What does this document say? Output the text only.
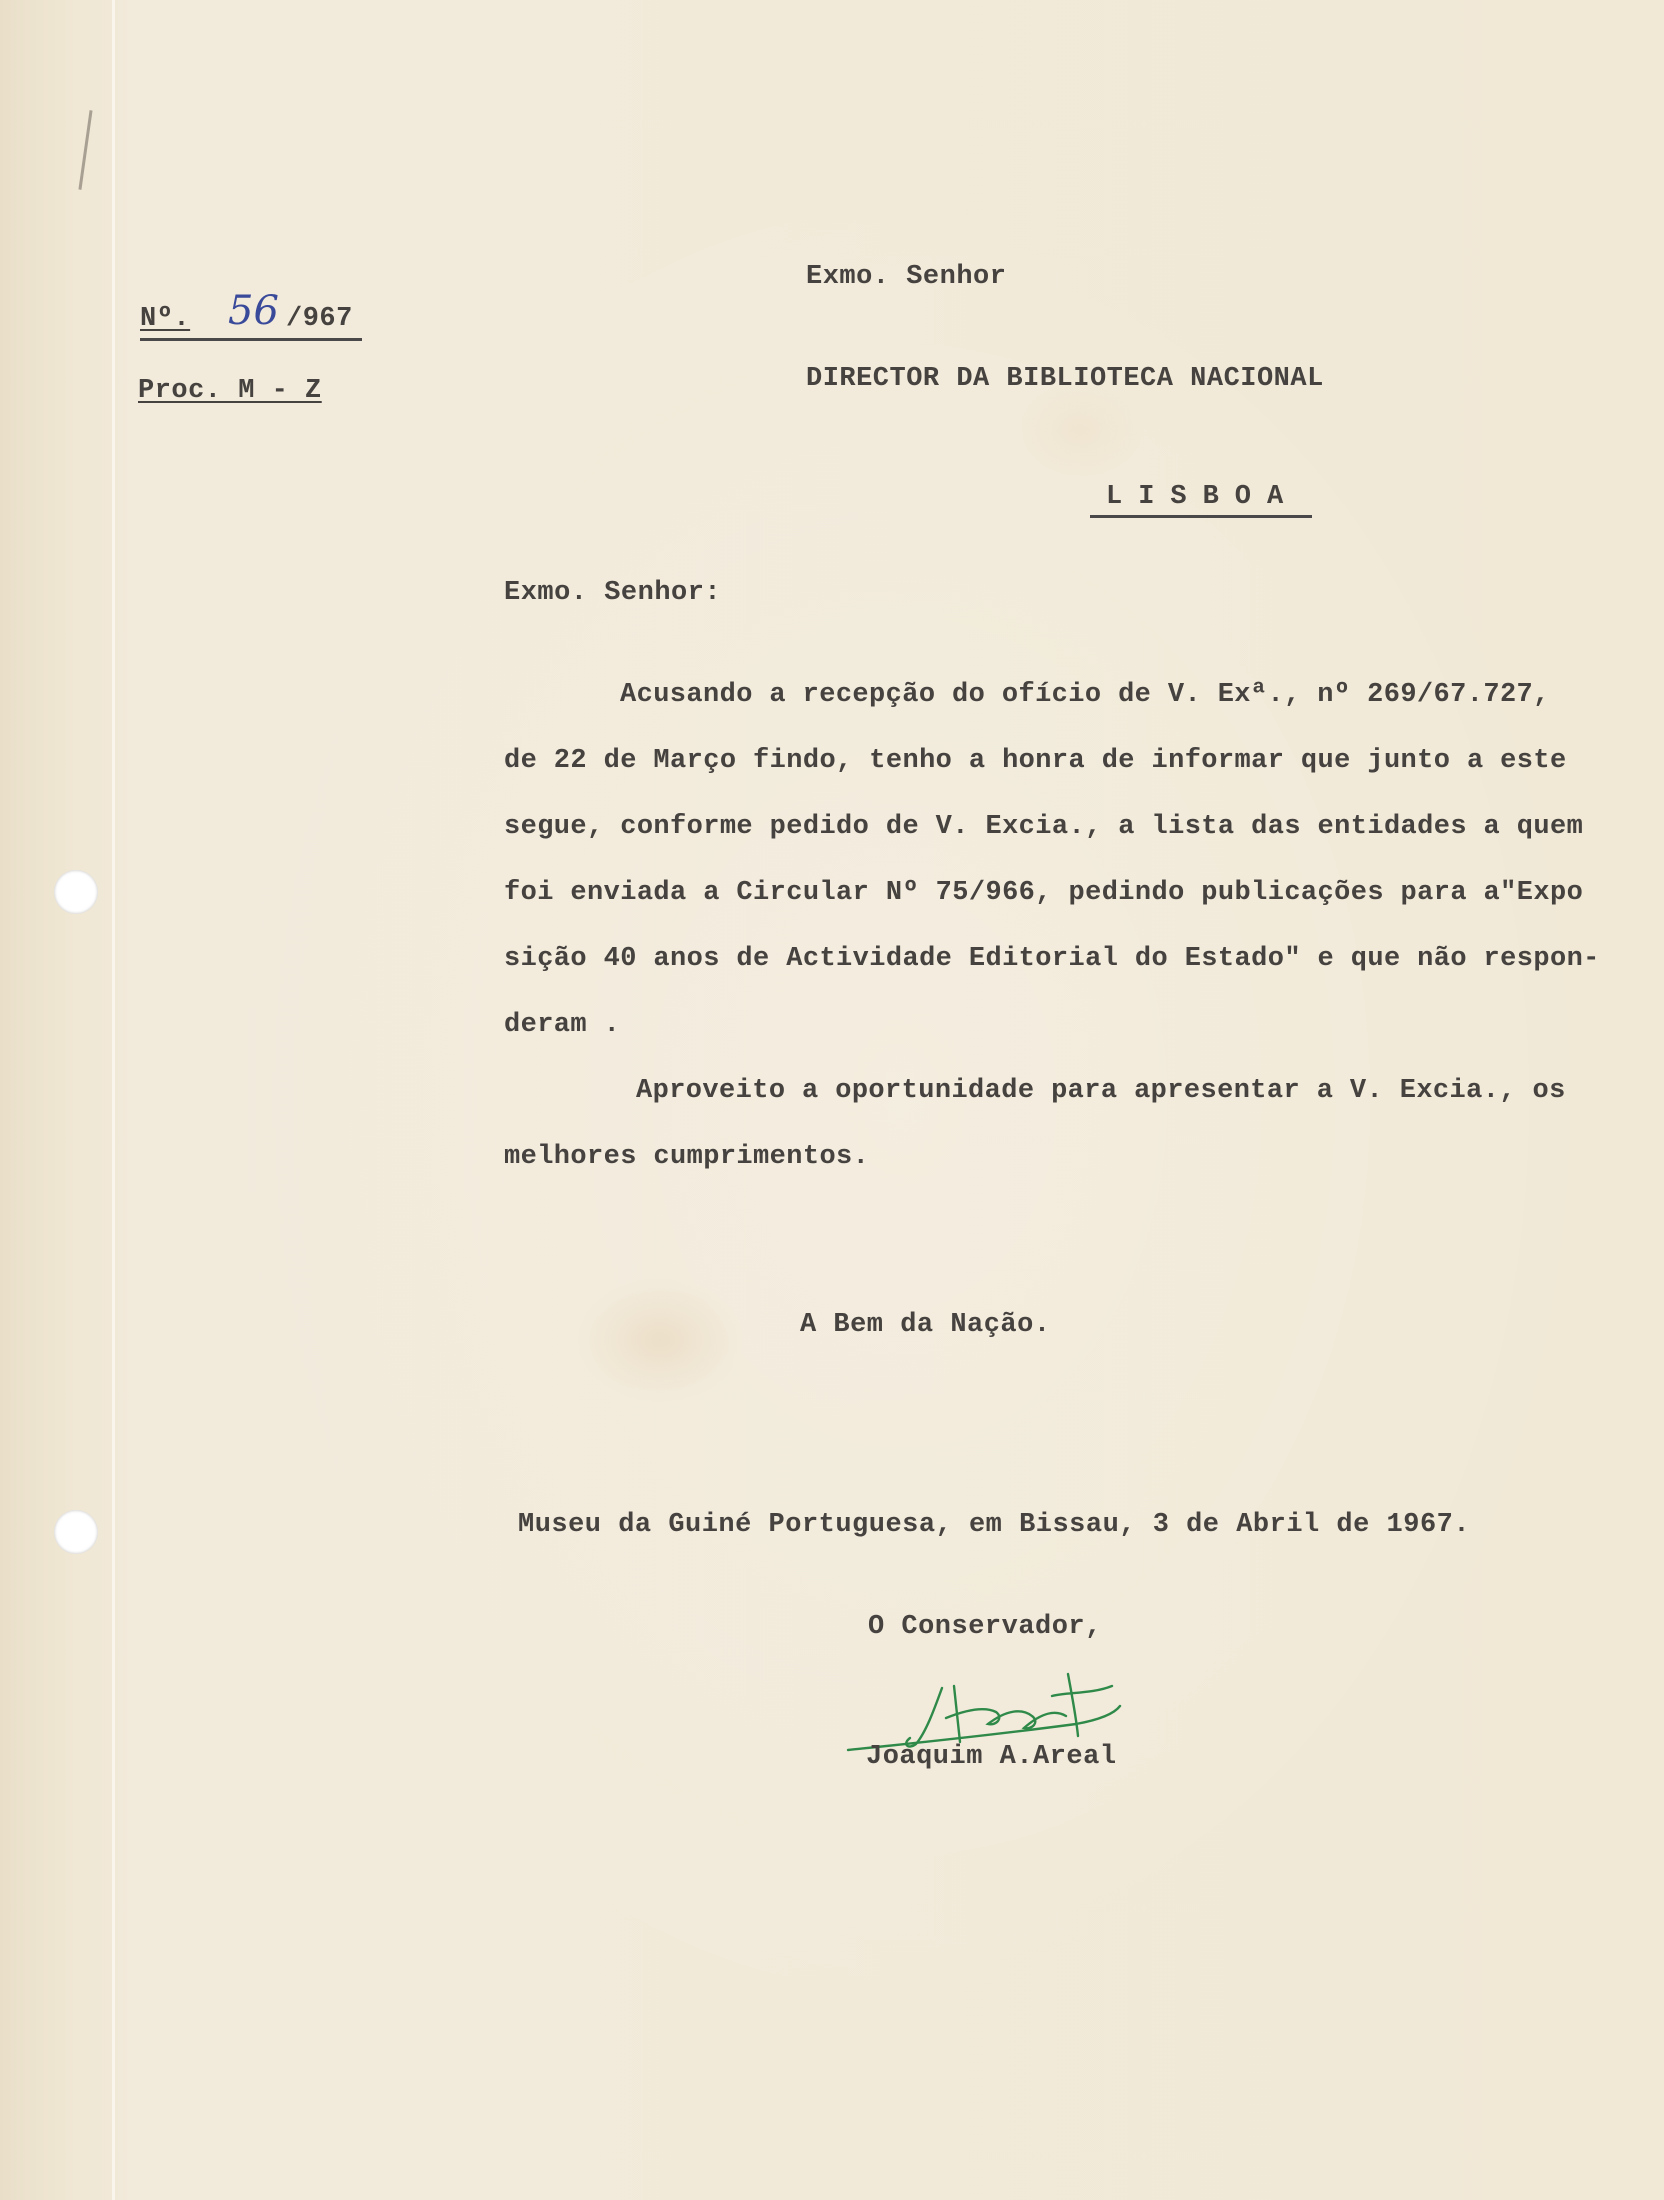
Nº. 56 /967
Proc. M - Z
Exmo. Senhor
DIRECTOR DA BIBLIOTECA NACIONAL
LISBOA
Exmo. Senhor:
Acusando a recepção do ofício de V. Exª., nº 269/67.727,
de 22 de Março findo, tenho a honra de informar que junto a este
segue, conforme pedido de V. Excia., a lista das entidades a quem
foi enviada a Circular Nº 75/966, pedindo publicações para a"Expo
sição 40 anos de Actividade Editorial do Estado" e que não respon-
deram .
Aproveito a oportunidade para apresentar a V. Excia., os
melhores cumprimentos.
A Bem da Nação.
Museu da Guiné Portuguesa, em Bissau, 3 de Abril de 1967.
O Conservador,
Joaquim A.Areal
